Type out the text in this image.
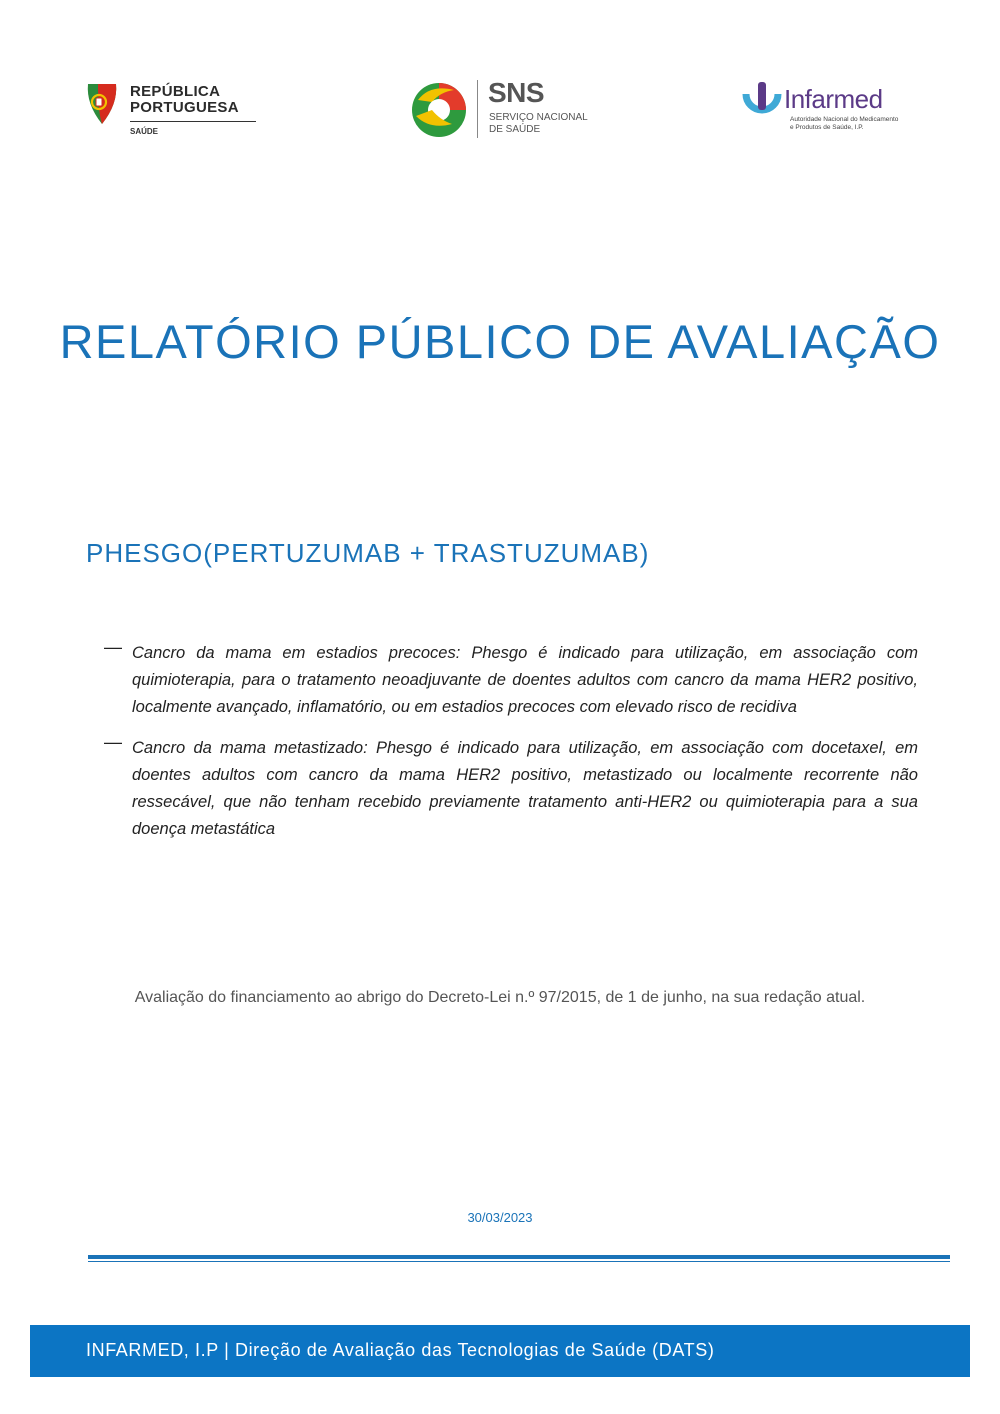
REPÚBLICA
PORTUGUESA
SAÚDE
SNS
SERVIÇO NACIONAL
DE SAÚDE
Infarmed
Autoridade Nacional do Medicamento
e Produtos de Saúde, I.P.
RELATÓRIO PÚBLICO DE AVALIAÇÃO
PHESGO(PERTUZUMAB + TRASTUZUMAB)
— Cancro da mama em estadios precoces: Phesgo é indicado para utilização, em associação com quimioterapia, para o tratamento neoadjuvante de doentes adultos com cancro da mama HER2 positivo, localmente avançado, inflamatório, ou em estadios precoces com elevado risco de recidiva
— Cancro da mama metastizado: Phesgo é indicado para utilização, em associação com docetaxel, em doentes adultos com cancro da mama HER2 positivo, metastizado ou localmente recorrente não ressecável, que não tenham recebido previamente tratamento anti-HER2 ou quimioterapia para a sua doença metastática
Avaliação do financiamento ao abrigo do Decreto-Lei n.º 97/2015, de 1 de junho, na sua redação atual.
30/03/2023
INFARMED, I.P | Direção de Avaliação das Tecnologias de Saúde (DATS)
